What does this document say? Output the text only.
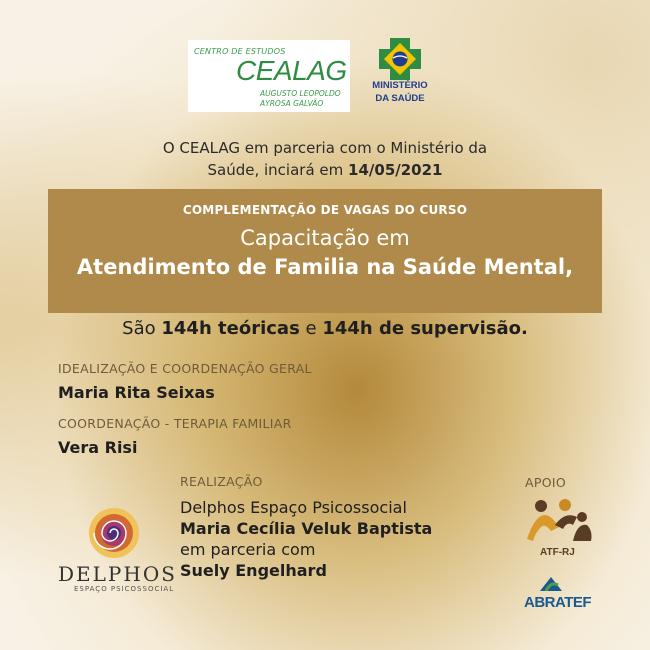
CENTRO DE ESTUDOS
CEALAG
AUGUSTO LEOPOLDO
AYROSA GALVÃO
MINISTÉRIO
DA SAÚDE
O CEALAG em parceria com o Ministério da
Saúde, inciará em 14/05/2021
COMPLEMENTAÇÃO DE VAGAS DO CURSO
Capacitação em
Atendimento de Familia na Saúde Mental,
São 144h teóricas e 144h de supervisão.
IDEALIZAÇÃO E COORDENAÇÃO GERAL
Maria Rita Seixas
COORDENAÇÃO - TERAPIA FAMILIAR
Vera Risi
REALIZAÇÃO
Delphos Espaço Psicossocial
Maria Cecília Veluk Baptista
em parceria com
Suely Engelhard
DELPHOS
ESPAÇO PSICOSSOCIAL
APOIO
ATF-RJ
ABRATEF
